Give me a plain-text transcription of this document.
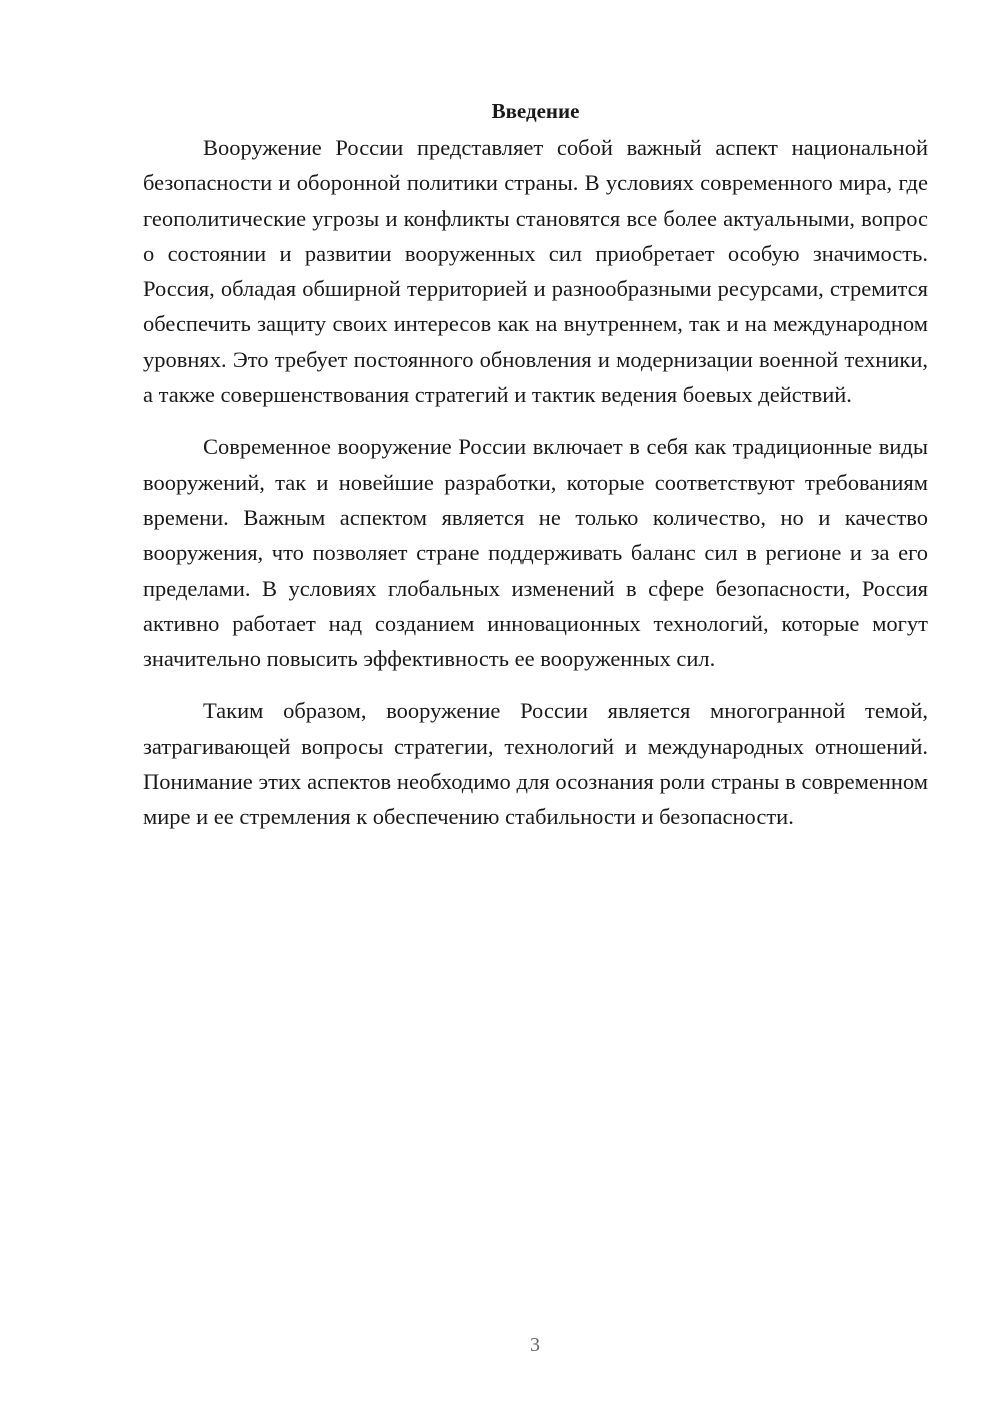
Введение

Вооружение России представляет собой важный аспект национальной безопасности и оборонной политики страны. В условиях современного мира, где геополитические угрозы и конфликты становятся все более актуальными, вопрос о состоянии и развитии вооруженных сил приобретает особую значимость. Россия, обладая обширной территорией и разнообразными ресурсами, стремится обеспечить защиту своих интересов как на внутреннем, так и на международном уровнях. Это требует постоянного обновления и модернизации военной техники, а также совершенствования стратегий и тактик ведения боевых действий.

Современное вооружение России включает в себя как традиционные виды вооружений, так и новейшие разработки, которые соответствуют требованиям времени. Важным аспектом является не только количество, но и качество вооружения, что позволяет стране поддерживать баланс сил в регионе и за его пределами. В условиях глобальных изменений в сфере безопасности, Россия активно работает над созданием инновационных технологий, которые могут значительно повысить эффективность ее вооруженных сил.

Таким образом, вооружение России является многогранной темой, затрагивающей вопросы стратегии, технологий и международных отношений. Понимание этих аспектов необходимо для осознания роли страны в современном мире и ее стремления к обеспечению стабильности и безопасности.

3
